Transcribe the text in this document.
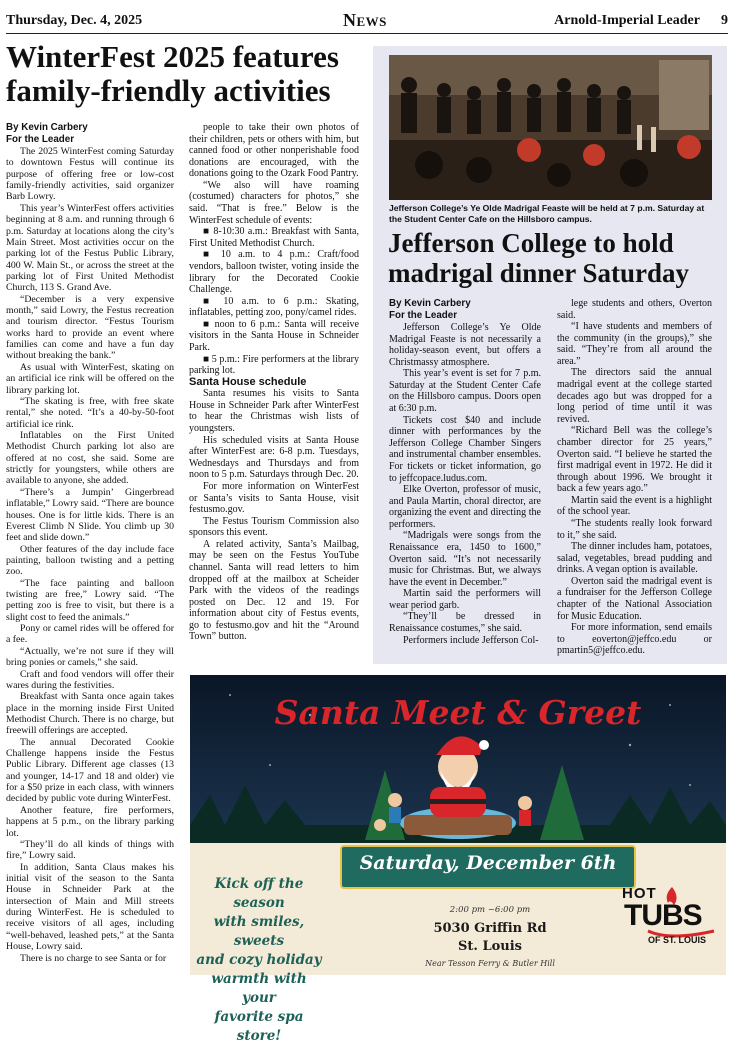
Thursday, Dec. 4, 2025	News	Arnold-Imperial Leader 9
WinterFest 2025 features family-friendly activities

By Kevin Carbery
For the Leader

The 2025 WinterFest coming Saturday to downtown Festus will continue its purpose of offering free or low-cost family-friendly activities, said organizer Barb Lowry.

This year’s WinterFest offers activities beginning at 8 a.m. and running through 6 p.m. Saturday at locations along the city’s Main Street. Most activities occur on the parking lot of the Festus Public Library, 400 W. Main St., or across the street at the parking lot of First United Methodist Church, 113 S. Grand Ave.

“December is a very expensive month,” said Lowry, the Festus recreation and tourism director. “Festus Tourism works hard to provide an event where families can come and have a fun day without breaking the bank.”

As usual with WinterFest, skating on an artificial ice rink will be offered on the library parking lot.

“The skating is free, with free skate rental,” she noted. “It’s a 40-by-50-foot artificial ice rink.

Inflatables on the First United Methodist Church parking lot also are offered at no cost, she said. Some are strictly for youngsters, while others are available to anyone, she added.

“There’s a Jumpin’ Gingerbread inflatable,” Lowry said. “There are bounce houses. One is for little kids. There is an Everest Climb N Slide. You climb up 30 feet and slide down.”

Other features of the day include face painting, balloon twisting and a petting zoo.

“The face painting and balloon twisting are free,” Lowry said. “The petting zoo is free to visit, but there is a slight cost to feed the animals.”

Pony or camel rides will be offered for a fee.

“Actually, we’re not sure if they will bring ponies or camels,” she said.

Craft and food vendors will offer their wares during the festivities.

Breakfast with Santa once again takes place in the morning inside First United Methodist Church. There is no charge, but freewill offerings are accepted.

The annual Decorated Cookie Challenge happens inside the Festus Public Library. Different age classes (13 and younger, 14-17 and 18 and older) vie for a $50 prize in each class, with winners decided by public vote during WinterFest.

Another feature, fire performers, happens at 5 p.m., on the library parking lot.

“They’ll do all kinds of things with fire,” Lowry said.

In addition, Santa Claus makes his initial visit of the season to the Santa House in Schneider Park at the intersection of Main and Mill streets during WinterFest. He is scheduled to receive visitors of all ages, including “well-behaved, leashed pets,” at the Santa House, Lowry said.

There is no charge to see Santa or for

people to take their own photos of their children, pets or others with him, but canned food or other nonperishable food donations are encouraged, with the donations going to the Ozark Food Pantry.

“We also will have roaming (costumed) characters for photos,” she said. “That is free.” Below is the WinterFest schedule of events:

■ 8-10:30 a.m.: Breakfast with Santa, First United Methodist Church.

■ 10 a.m. to 4 p.m.: Craft/food vendors, balloon twister, voting inside the library for the Decorated Cookie Challenge.

■ 10 a.m. to 6 p.m.: Skating, inflatables, petting zoo, pony/camel rides.

■ noon to 6 p.m.: Santa will receive visitors in the Santa House in Schneider Park.

■ 5 p.m.: Fire performers at the library parking lot.

Santa House schedule

Santa resumes his visits to Santa House in Schneider Park after WinterFest to hear the Christmas wish lists of youngsters.

His scheduled visits at Santa House after WinterFest are: 6-8 p.m. Tuesdays, Wednesdays and Thursdays and from noon to 5 p.m. Saturdays through Dec. 20.

For more information on WinterFest or Santa’s visits to Santa House, visit festusmo.gov.

The Festus Tourism Commission also sponsors this event.

A related activity, Santa’s Mailbag, may be seen on the Festus YouTube channel. Santa will read letters to him dropped off at the mailbox at Scheider Park with the videos of the readings posted on Dec. 12 and 19. For information about city of Festus events, go to festusmo.gov and hit the “Around Town” button.

Jefferson College’s Ye Olde Madrigal Feaste will be held at 7 p.m. Saturday at the Student Center Cafe on the Hillsboro campus.
Jefferson College to hold madrigal dinner Saturday

By Kevin Carbery
For the Leader

Jefferson College’s Ye Olde Madrigal Feaste is not necessarily a holiday-season event, but offers a Christmassy atmosphere.

This year’s event is set for 7 p.m. Saturday at the Student Center Cafe on the Hillsboro campus. Doors open at 6:30 p.m.

Tickets cost $40 and include dinner with performances by the Jefferson College Chamber Singers and instrumental chamber ensembles. For tickets or ticket information, go to jeffcopace.ludus.com.

Elke Overton, professor of music, and Paula Martin, choral director, are organizing the event and directing the performers.

“Madrigals were songs from the Renaissance era, 1450 to 1600,” Overton said. “It’s not necessarily music for Christmas. But, we always have the event in December.”

Martin said the performers will wear period garb.

“They’ll be dressed in Renaissance costumes,” she said.

Performers include Jefferson Col-

lege students and others, Overton said.

“I have students and members of the community (in the groups),” she said. “They’re from all around the area.”

The directors said the annual madrigal event at the college started decades ago but was dropped for a long period of time until it was revived.

“Richard Bell was the college’s chamber director for 25 years,” Overton said. “I believe he started the first madrigal event in 1972. He did it through about 1996. We brought it back a few years ago.”

Martin said the event is a highlight of the school year.

“The students really look forward to it,” she said.

The dinner includes ham, potatoes, salad, vegetables, bread pudding and drinks. A vegan option is available.

Overton said the madrigal event is a fundraiser for the Jefferson College chapter of the National Association for Music Education.

For more information, send emails to eoverton@jeffco.edu or pmartin5@jeffco.edu.

Santa Meet & Greet
Kick off the season
with smiles, sweets
and cozy holiday
warmth with your
favorite spa store!
Saturday, December 6th
2:00 pm ~6:00 pm
5030 Griffin Rd
St. Louis
Near Tesson Ferry & Butler Hill
HOT
TUBS
OF ST. LOUIS
